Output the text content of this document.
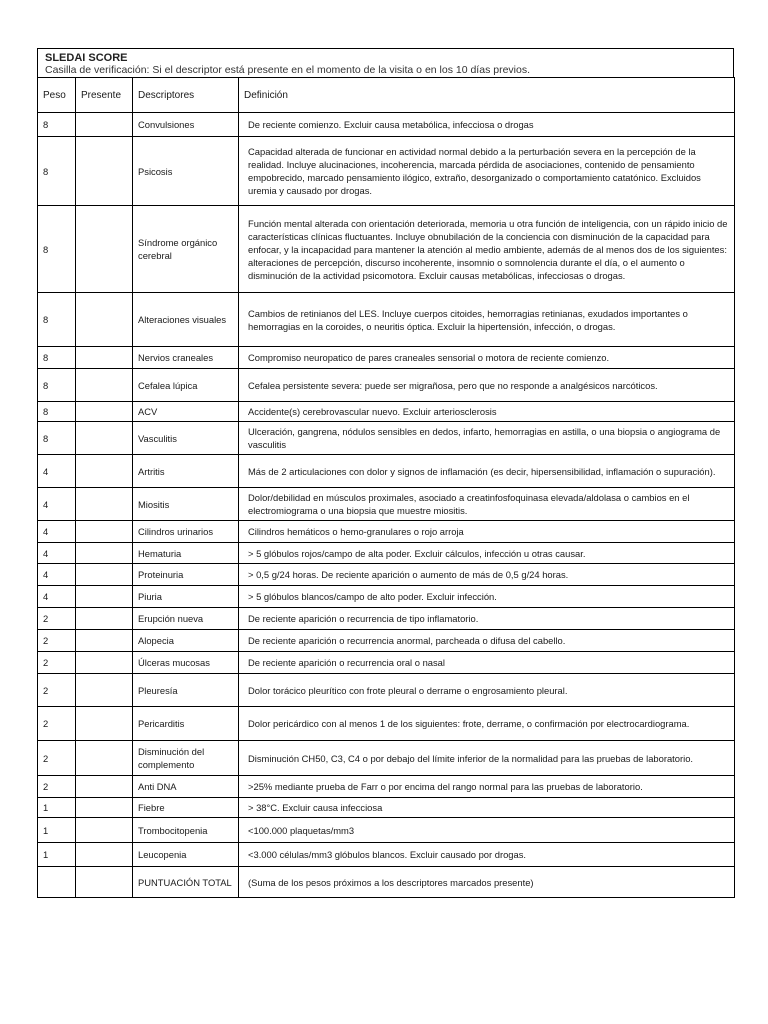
SLEDAI SCORE
Casilla de verificación: Si el descriptor está presente en el momento de la visita o en los 10 días previos.
Peso	Presente	Descriptores	Definición
8		Convulsiones	De reciente comienzo. Excluir causa metabólica, infecciosa o drogas
8		Psicosis	Capacidad alterada de funcionar en actividad normal debido a la perturbación severa en la percepción de la realidad. Incluye alucinaciones, incoherencia, marcada pérdida de asociaciones, contenido de pensamiento empobrecido, marcado pensamiento ilógico, extraño, desorganizado o comportamiento catatónico. Excluidos uremia y causado por drogas.
8		Síndrome orgánico cerebral	Función mental alterada con orientación deteriorada, memoria u otra función de inteligencia, con un rápido inicio de características clínicas fluctuantes. Incluye obnubilación de la conciencia con disminución de la capacidad para enfocar, y la incapacidad para mantener la atención al medio ambiente, además de al menos dos de los siguientes: alteraciones de percepción, discurso incoherente, insomnio o somnolencia durante el día, o el aumento o disminución de la actividad psicomotora. Excluir causas metabólicas, infecciosas o drogas.
8		Alteraciones visuales	Cambios de retinianos del LES. Incluye cuerpos citoides, hemorragias retinianas, exudados importantes o hemorragias en la coroides, o neuritis óptica. Excluir la hipertensión, infección, o drogas.
8		Nervios craneales	Compromiso neuropatico de pares craneales sensorial o motora de reciente comienzo.
8		Cefalea lúpica	Cefalea persistente severa: puede ser migrañosa, pero que no responde a analgésicos narcóticos.
8		ACV	Accidente(s) cerebrovascular nuevo. Excluir arteriosclerosis
8		Vasculitis	Ulceración, gangrena, nódulos sensibles en dedos, infarto, hemorragias en astilla, o una biopsia o angiograma de vasculitis
4		Artritis	Más de 2 articulaciones con dolor y signos de inflamación (es decir, hipersensibilidad, inflamación o supuración).
4		Miositis	Dolor/debilidad en músculos proximales, asociado a creatinfosfoquinasa elevada/aldolasa o cambios en el electromiograma o una biopsia que muestre miositis.
4		Cilindros urinarios	Cilindros hemáticos o hemo-granulares o rojo arroja
4		Hematuria	> 5 glóbulos rojos/campo de alta poder. Excluir cálculos, infección u otras causar.
4		Proteinuria	> 0,5 g/24 horas. De reciente aparición o aumento de más de 0,5 g/24 horas.
4		Piuria	> 5 glóbulos blancos/campo de alto poder. Excluir infección.
2		Erupción nueva	De reciente aparición o recurrencia de tipo inflamatorio.
2		Alopecia	De reciente aparición o recurrencia anormal, parcheada o difusa del cabello.
2		Úlceras mucosas	De reciente aparición o recurrencia oral o nasal
2		Pleuresía	Dolor torácico pleurítico con frote pleural o derrame o engrosamiento pleural.
2		Pericarditis	Dolor pericárdico con al menos 1 de los siguientes: frote, derrame, o confirmación por electrocardiograma.
2		Disminución del complemento	Disminución CH50, C3, C4 o por debajo del límite inferior de la normalidad para las pruebas de laboratorio.
2		Anti DNA	>25% mediante prueba de Farr o por encima del rango normal para las pruebas de laboratorio.
1		Fiebre	> 38°C. Excluir causa infecciosa
1		Trombocitopenia	<100.000 plaquetas/mm3
1		Leucopenia	<3.000 células/mm3 glóbulos blancos. Excluir causado por drogas.
		PUNTUACIÓN TOTAL	(Suma de los pesos próximos a los descriptores marcados presente)
